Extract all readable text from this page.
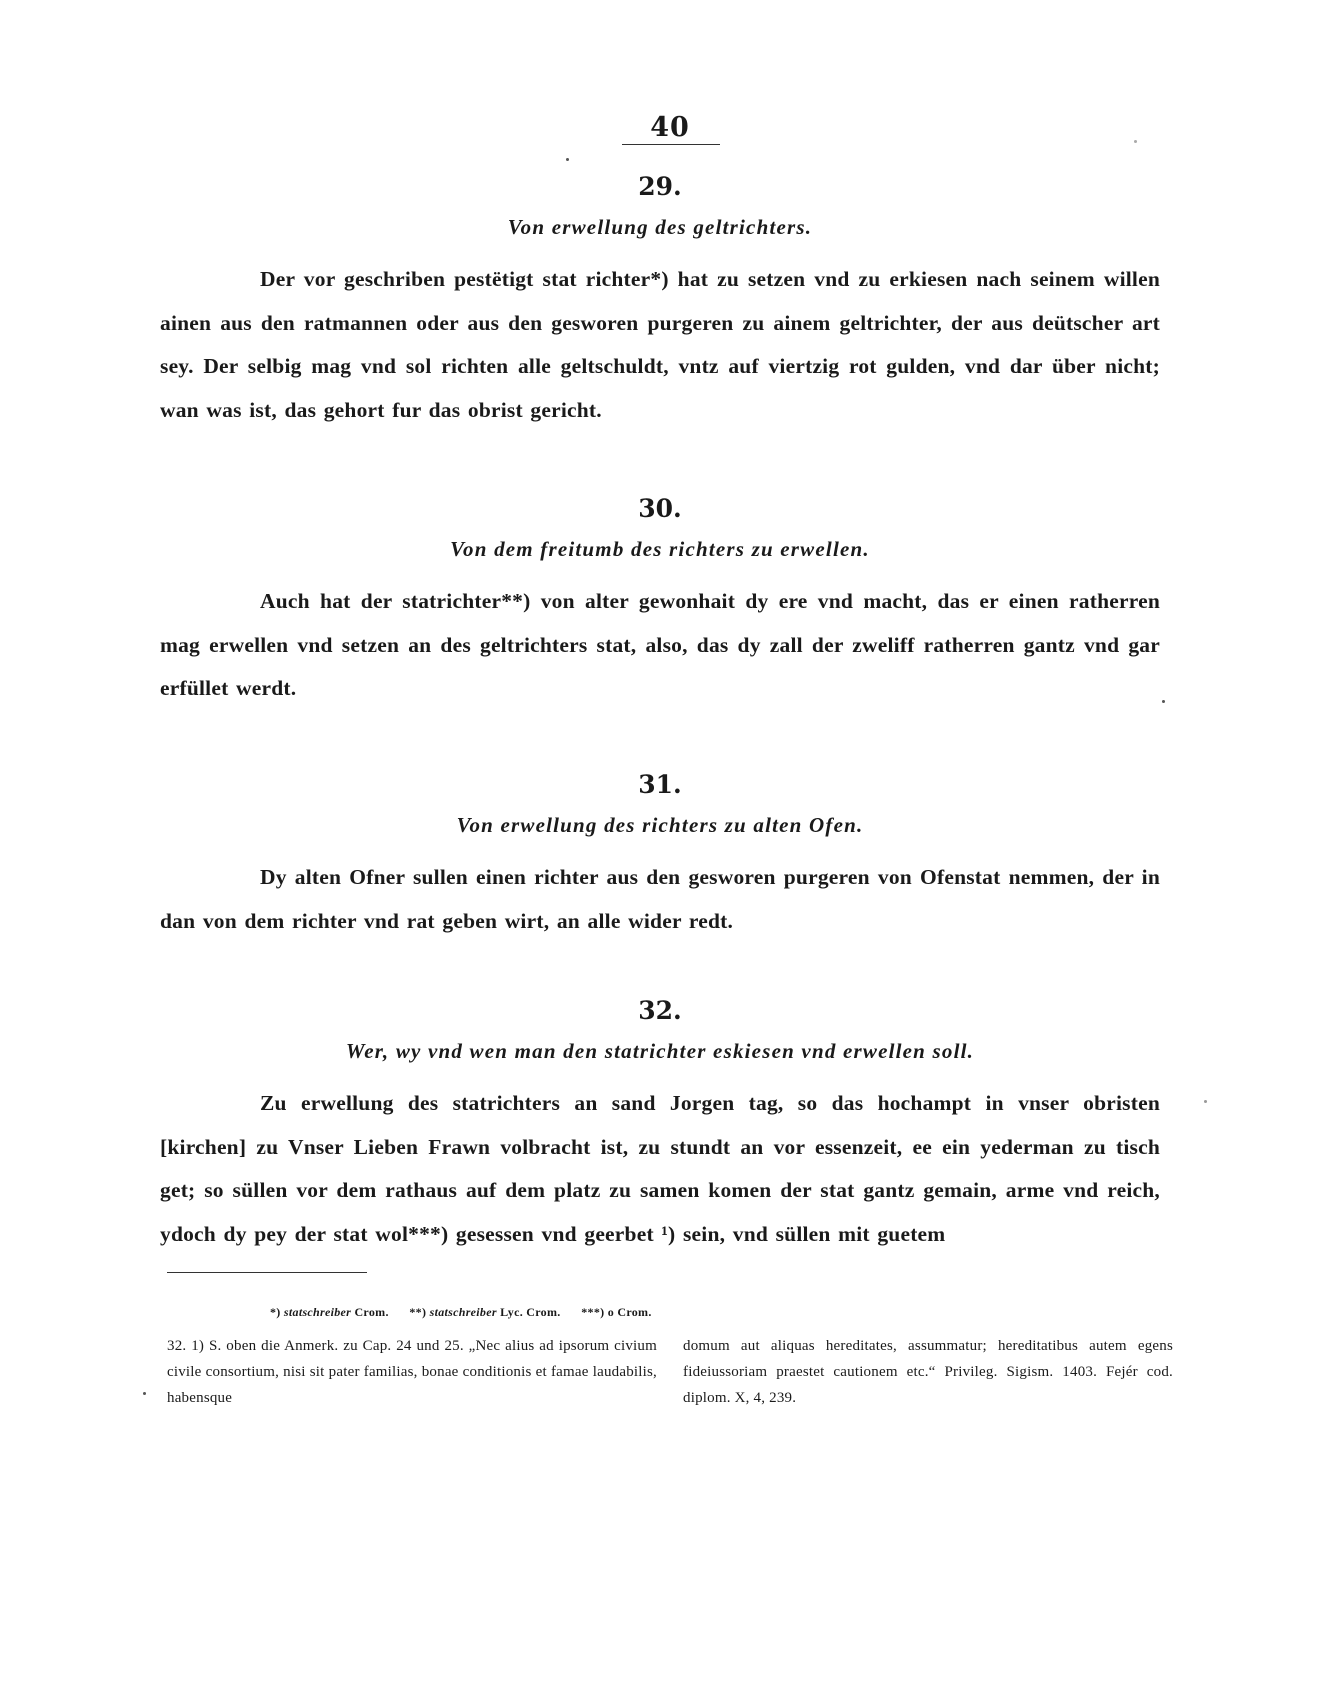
40
29.
Von erwellung des geltrichters.
Der vor geschriben pestëtigt stat richter*) hat zu setzen vnd zu erkiesen nach seinem willen ainen aus den ratmannen oder aus den gesworen purgeren zu ainem geltrichter, der aus deütscher art sey. Der selbig mag vnd sol richten alle geltschuldt, vntz auf viertzig rot gulden, vnd dar über nicht; wan was ist, das gehort fur das obrist gericht.
30.
Von dem freitumb des richters zu erwellen.
Auch hat der statrichter**) von alter gewonhait dy ere vnd macht, das er einen ratherren mag erwellen vnd setzen an des geltrichters stat, also, das dy zall der zweliff ratherren gantz vnd gar erfüllet werdt.
31.
Von erwellung des richters zu alten Ofen.
Dy alten Ofner sullen einen richter aus den gesworen purgeren von Ofenstat nemmen, der in dan von dem richter vnd rat geben wirt, an alle wider redt.
32.
Wer, wy vnd wen man den statrichter eskiesen vnd erwellen soll.
Zu erwellung des statrichters an sand Jorgen tag, so das hochampt in vnser obristen [kirchen] zu Vnser Lieben Frawn volbracht ist, zu stundt an vor essenzeit, ee ein yederman zu tisch get; so süllen vor dem rathaus auf dem platz zu samen komen der stat gantz gemain, arme vnd reich, ydoch dy pey der stat wol***) gesessen vnd geerbet ¹) sein, vnd süllen mit guetem
*) statschreiber Crom. **) statschreiber Lyc. Crom. ***) o Crom.
32. 1) S. oben die Anmerk. zu Cap. 24 und 25. „Nec alius ad ipsorum civium civile consortium, nisi sit pater familias, bonae conditionis et famae laudabilis, habensque
domum aut aliquas hereditates, assummatur; hereditatibus autem egens fideiussoriam praestet cautionem etc.“ Privileg. Sigism. 1403. Fejér cod. diplom. X, 4, 239.
